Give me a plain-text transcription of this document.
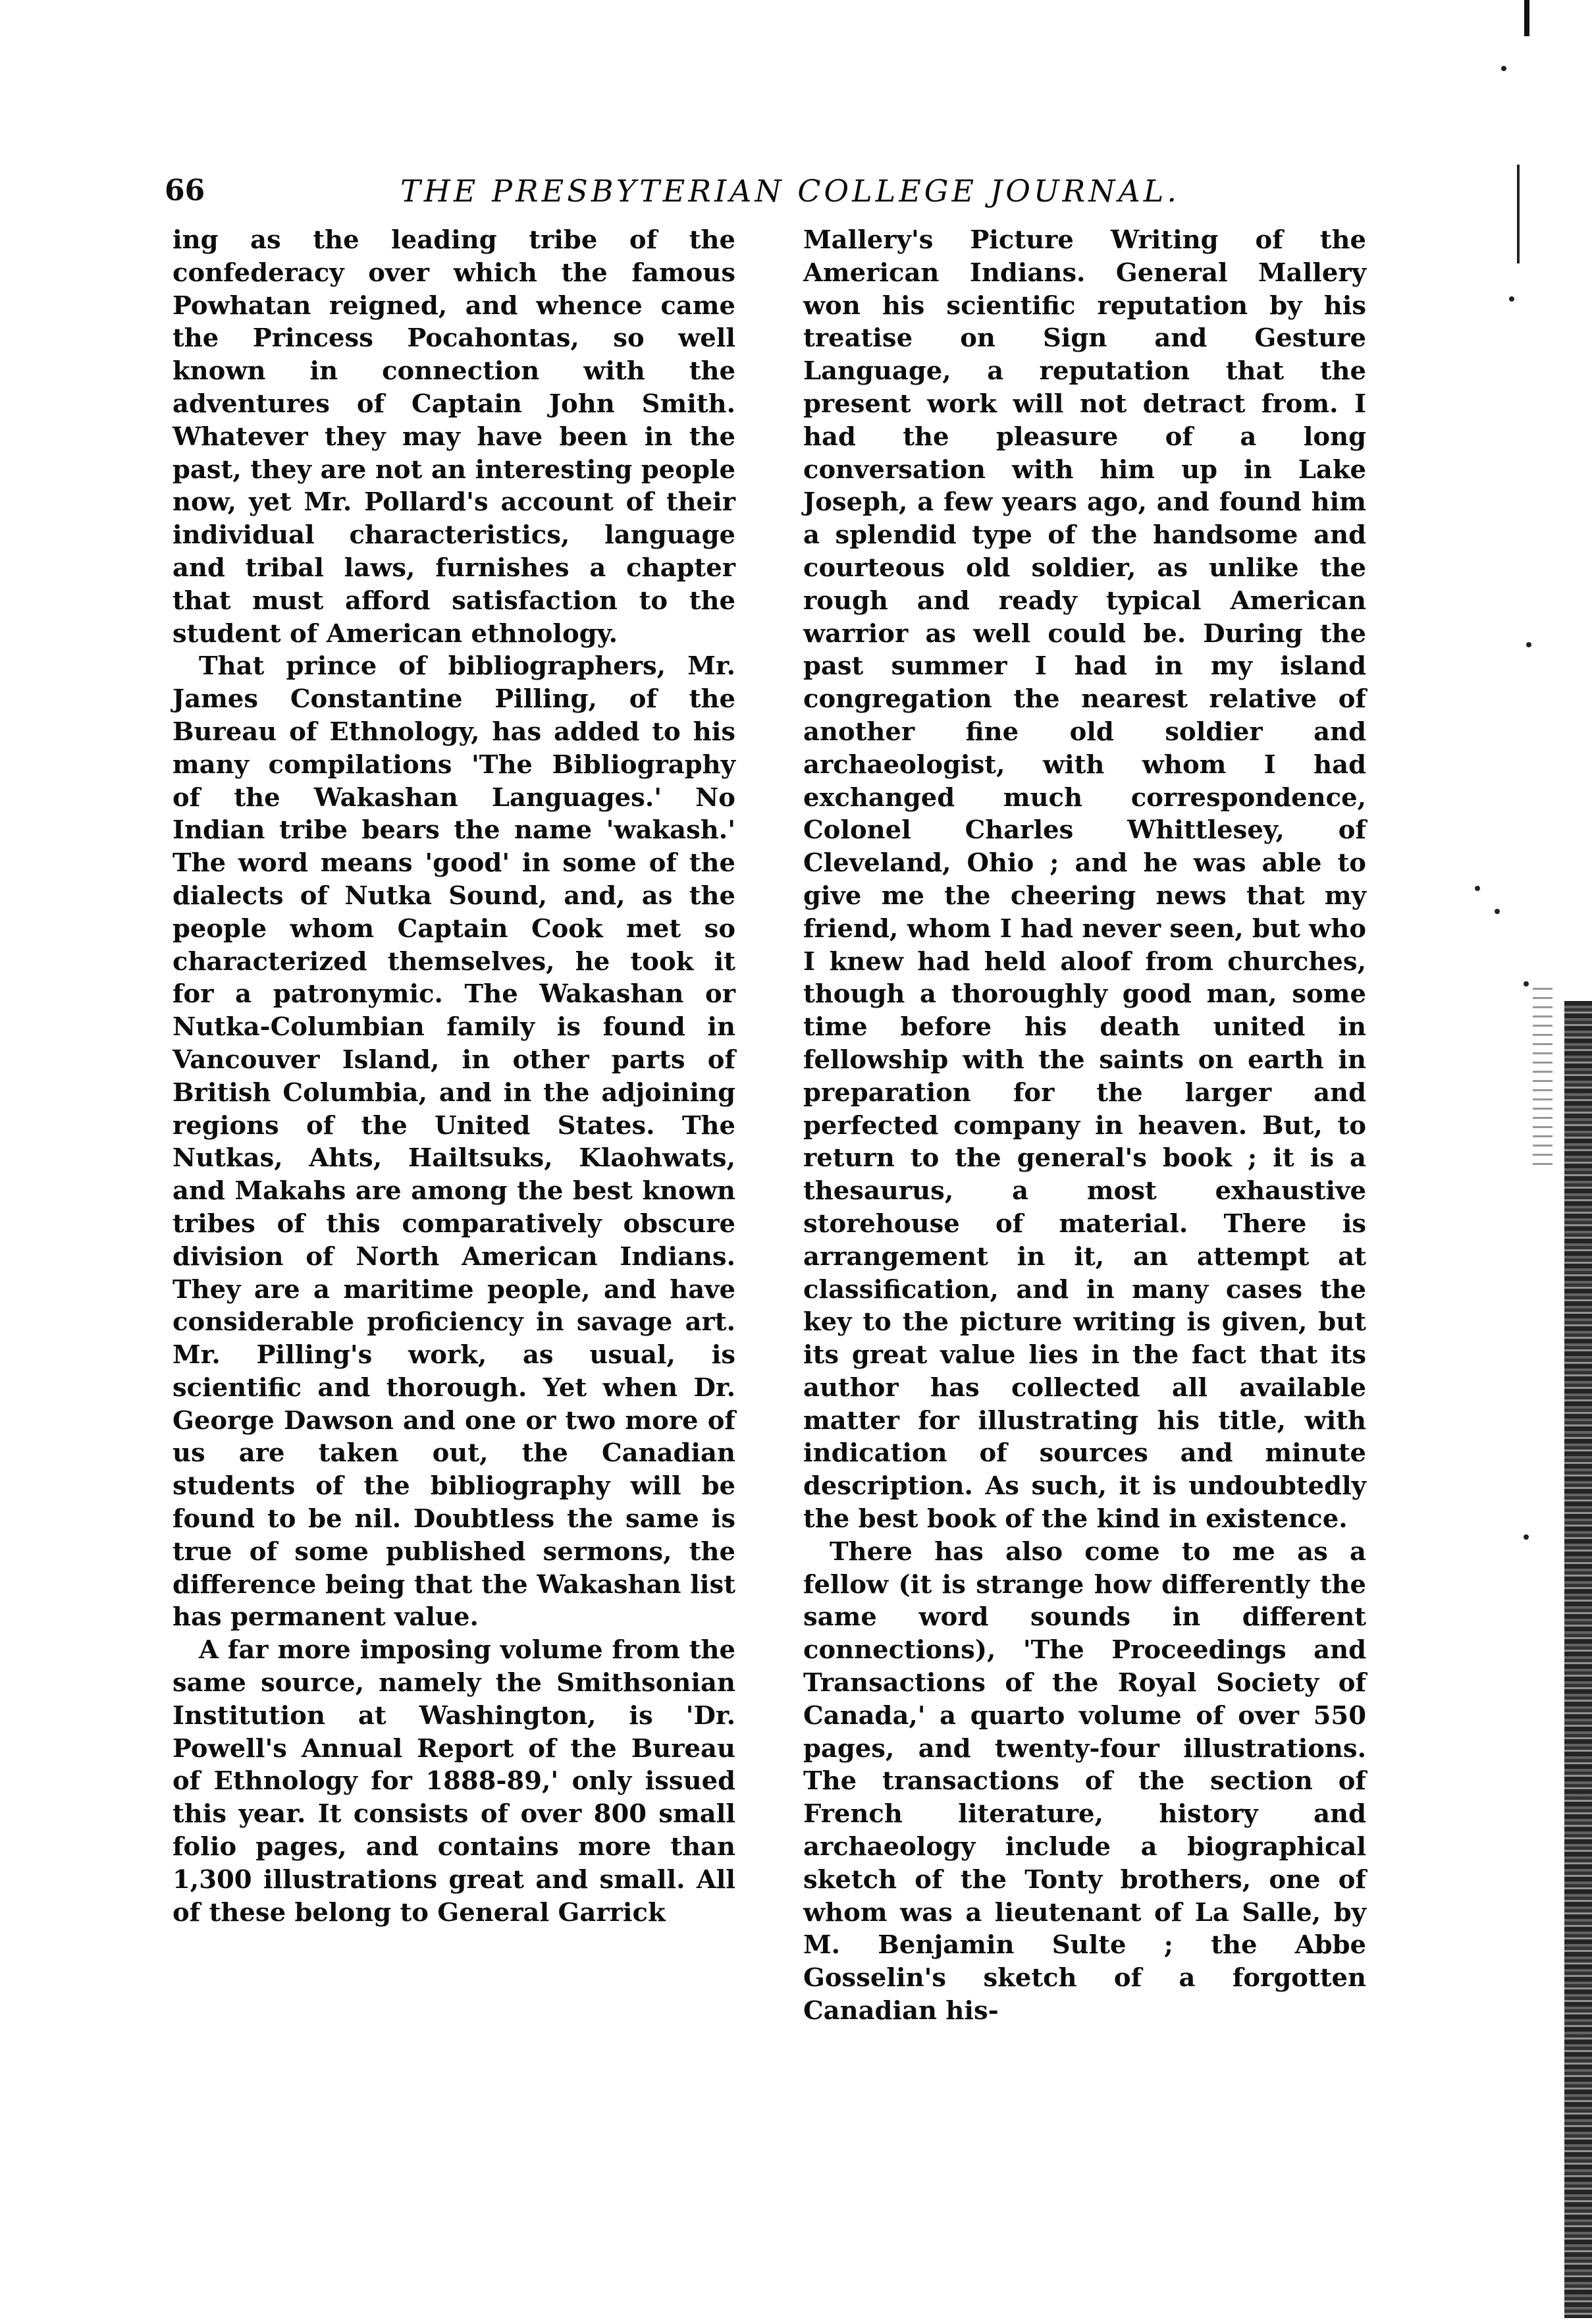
66	THE PRESBYTERIAN COLLEGE JOURNAL.

ing as the leading tribe of the confederacy over which the famous Powhatan reigned, and whence came the Princess Pocahontas, so well known in connection with the adventures of Captain John Smith. Whatever they may have been in the past, they are not an interesting people now, yet Mr. Pollard's account of their individual characteristics, language and tribal laws, furnishes a chapter that must afford satisfaction to the student of American ethnology.

That prince of bibliographers, Mr. James Constantine Pilling, of the Bureau of Ethnology, has added to his many compilations 'The Bibliography of the Wakashan Languages.' No Indian tribe bears the name 'wakash.' The word means 'good' in some of the dialects of Nutka Sound, and, as the people whom Captain Cook met so characterized themselves, he took it for a patronymic. The Wakashan or Nutka-Columbian family is found in Vancouver Island, in other parts of British Columbia, and in the adjoining regions of the United States. The Nutkas, Ahts, Hailtsuks, Klaohwats, and Makahs are among the best known tribes of this comparatively obscure division of North American Indians. They are a maritime people, and have considerable proficiency in savage art. Mr. Pilling's work, as usual, is scientific and thorough. Yet when Dr. George Dawson and one or two more of us are taken out, the Canadian students of the bibliography will be found to be nil. Doubtless the same is true of some published sermons, the difference being that the Wakashan list has permanent value.

A far more imposing volume from the same source, namely the Smithsonian Institution at Washington, is 'Dr. Powell's Annual Report of the Bureau of Ethnology for 1888-89,' only issued this year. It consists of over 800 small folio pages, and contains more than 1,300 illustrations great and small. All of these belong to General Garrick

Mallery's Picture Writing of the American Indians. General Mallery won his scientific reputation by his treatise on Sign and Gesture Language, a reputation that the present work will not detract from. I had the pleasure of a long conversation with him up in Lake Joseph, a few years ago, and found him a splendid type of the handsome and courteous old soldier, as unlike the rough and ready typical American warrior as well could be. During the past summer I had in my island congregation the nearest relative of another fine old soldier and archaeologist, with whom I had exchanged much correspondence, Colonel Charles Whittlesey, of Cleveland, Ohio ; and he was able to give me the cheering news that my friend, whom I had never seen, but who I knew had held aloof from churches, though a thoroughly good man, some time before his death united in fellowship with the saints on earth in preparation for the larger and perfected company in heaven. But, to return to the general's book ; it is a thesaurus, a most exhaustive storehouse of material. There is arrangement in it, an attempt at classification, and in many cases the key to the picture writing is given, but its great value lies in the fact that its author has collected all available matter for illustrating his title, with indication of sources and minute description. As such, it is undoubtedly the best book of the kind in existence.

There has also come to me as a fellow (it is strange how differently the same word sounds in different connections), 'The Proceedings and Transactions of the Royal Society of Canada,' a quarto volume of over 550 pages, and twenty-four illustrations. The transactions of the section of French literature, history and archaeology include a biographical sketch of the Tonty brothers, one of whom was a lieutenant of La Salle, by M. Benjamin Sulte ; the Abbe Gosselin's sketch of a forgotten Canadian his-
